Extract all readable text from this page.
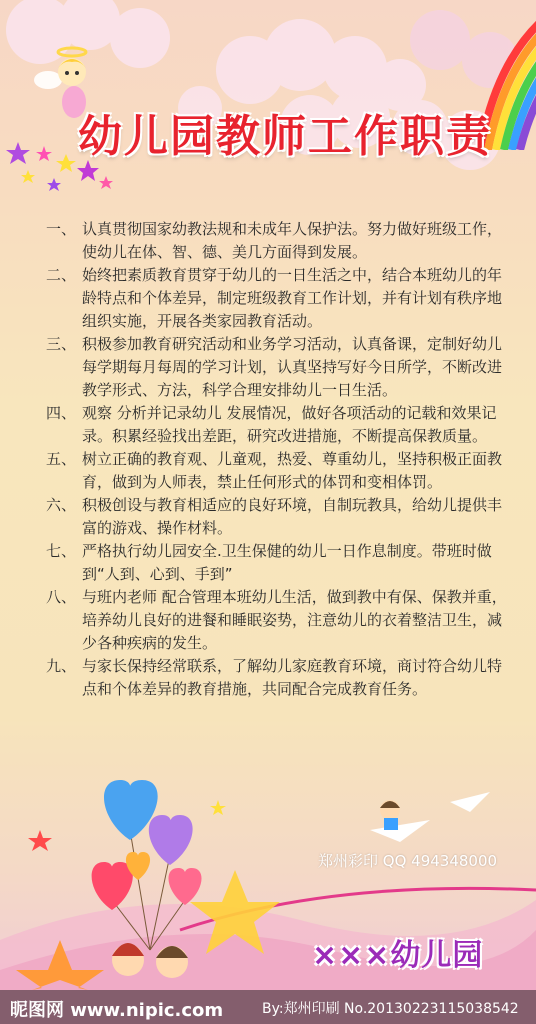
幼儿园教师工作职责
一、 认真贯彻国家幼教法规和未成年人保护法。努力做好班级工作，使幼儿在体、智、德、美几方面得到发展。
二、 始终把素质教育贯穿于幼儿的一日生活之中，结合本班幼儿的年龄特点和个体差异，制定班级教育工作计划，并有计划有秩序地组织实施，开展各类家园教育活动。
三、 积极参加教育研究活动和业务学习活动，认真备课，定制好幼儿每学期每月每周的学习计划，认真坚持写好今日所学，不断改进教学形式、方法，科学合理安排幼儿一日生活。
四、 观察 分析并记录幼儿 发展情况，做好各项活动的记载和效果记录。积累经验找出差距，研究改进措施，不断提高保教质量。
五、 树立正确的教育观、儿童观，热爱、尊重幼儿，坚持积极正面教育，做到为人师表，禁止任何形式的体罚和变相体罚。
六、 积极创设与教育相适应的良好环境，自制玩教具，给幼儿提供丰富的游戏、操作材料。
七、 严格执行幼儿园安全.卫生保健的幼儿一日作息制度。带班时做到“人到、心到、手到”
八、 与班内老师 配合管理本班幼儿生活，做到教中有保、保教并重，培养幼儿良好的进餐和睡眠姿势，注意幼儿的衣着整洁卫生，减少各种疾病的发生。
九、 与家长保持经常联系，了解幼儿家庭教育环境，商讨符合幼儿特点和个体差异的教育措施，共同配合完成教育任务。
郑州彩印 QQ 494348000
×××幼儿园
昵图网 www.nipic.com	By:郑州印刷 No.20130223115038542
